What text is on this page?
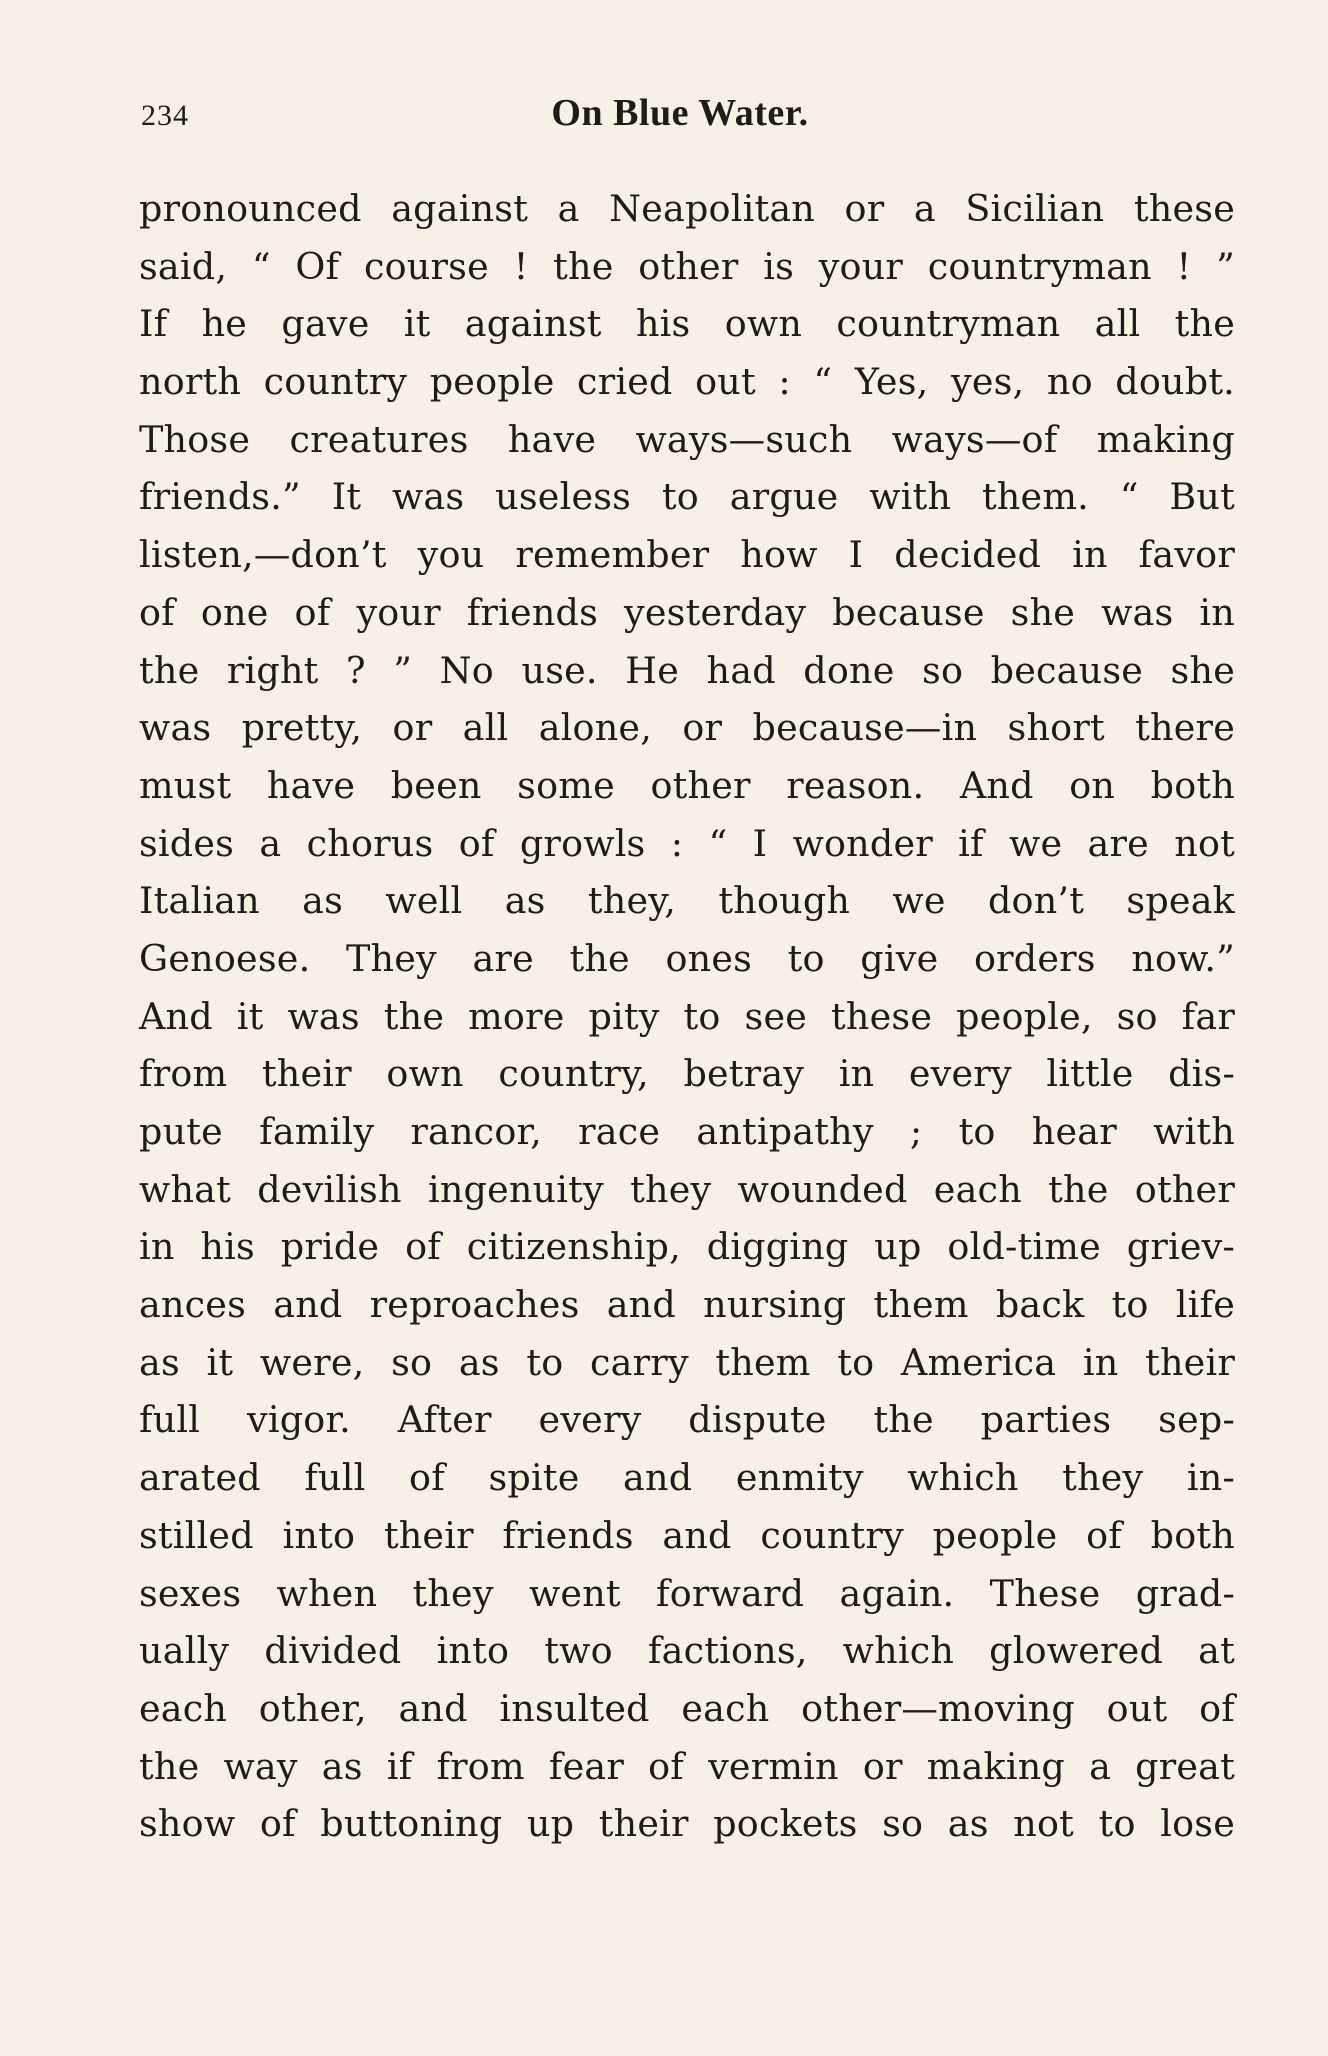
234	On Blue Water.
pronounced against a Neapolitan or a Sicilian these
said, “ Of course ! the other is your countryman ! ”
If he gave it against his own countryman all the
north country people cried out : “ Yes, yes, no doubt.
Those creatures have ways—such ways—of making
friends.” It was useless to argue with them. “ But
listen,—don’t you remember how I decided in favor
of one of your friends yesterday because she was in
the right ? ” No use. He had done so because she
was pretty, or all alone, or because—in short there
must have been some other reason. And on both
sides a chorus of growls : “ I wonder if we are not
Italian as well as they, though we don’t speak
Genoese. They are the ones to give orders now.”
And it was the more pity to see these people, so far
from their own country, betray in every little dis-
pute family rancor, race antipathy ; to hear with
what devilish ingenuity they wounded each the other
in his pride of citizenship, digging up old-time griev-
ances and reproaches and nursing them back to life
as it were, so as to carry them to America in their
full vigor. After every dispute the parties sep-
arated full of spite and enmity which they in-
stilled into their friends and country people of both
sexes when they went forward again. These grad-
ually divided into two factions, which glowered at
each other, and insulted each other—moving out of
the way as if from fear of vermin or making a great
show of buttoning up their pockets so as not to lose
